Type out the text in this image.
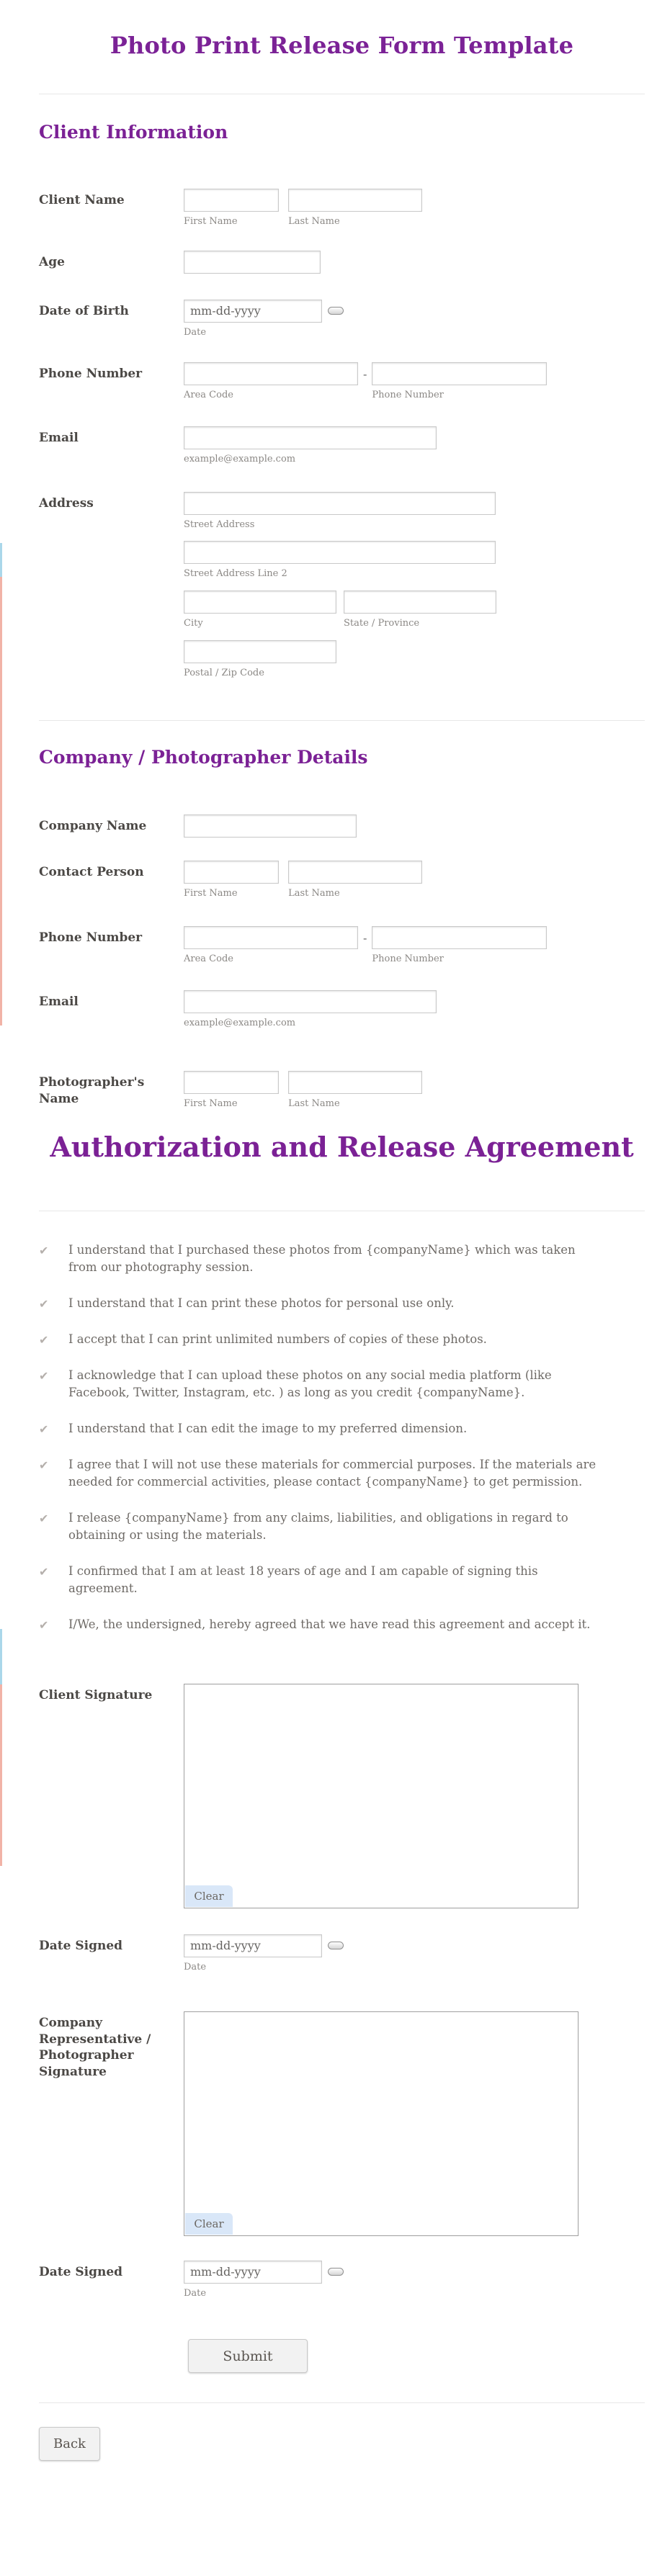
Photo Print Release Form Template
Client Information
Client Name
First Name
	Last Name
Age
Date of Birth
mm-dd-yyyy
Date
Phone Number
Area Code
-
Phone Number
Email
example@example.com
Address
Street Address
Street Address Line 2
City	State / Province
Postal / Zip Code
Company / Photographer Details
Company Name
Contact Person
First Name
	Last Name
Phone Number
Area Code
-
Phone Number
Email
example@example.com
Photographer's Name	First Name
	Last Name
Authorization and Release Agreement
✔ I understand that I purchased these photos from {companyName} which was taken from our photography session.
✔ I understand that I can print these photos for personal use only.
✔ I accept that I can print unlimited numbers of copies of these photos.
✔ I acknowledge that I can upload these photos on any social media platform (like Facebook, Twitter, Instagram, etc. ) as long as you credit {companyName}.
✔ I understand that I can edit the image to my preferred dimension.
✔ I agree that I will not use these materials for commercial purposes. If the materials are needed for commercial activities, please contact {companyName} to get permission.
✔ I release {companyName} from any claims, liabilities, and obligations in regard to obtaining or using the materials.
✔ I confirmed that I am at least 18 years of age and I am capable of signing this agreement.
✔ I/We, the undersigned, hereby agreed that we have read this agreement and accept it.
Client Signature
Clear
Date Signed
mm-dd-yyyy
Date
Company Representative / Photographer Signature
Clear
Date Signed
mm-dd-yyyy
Date
Submit
Back
